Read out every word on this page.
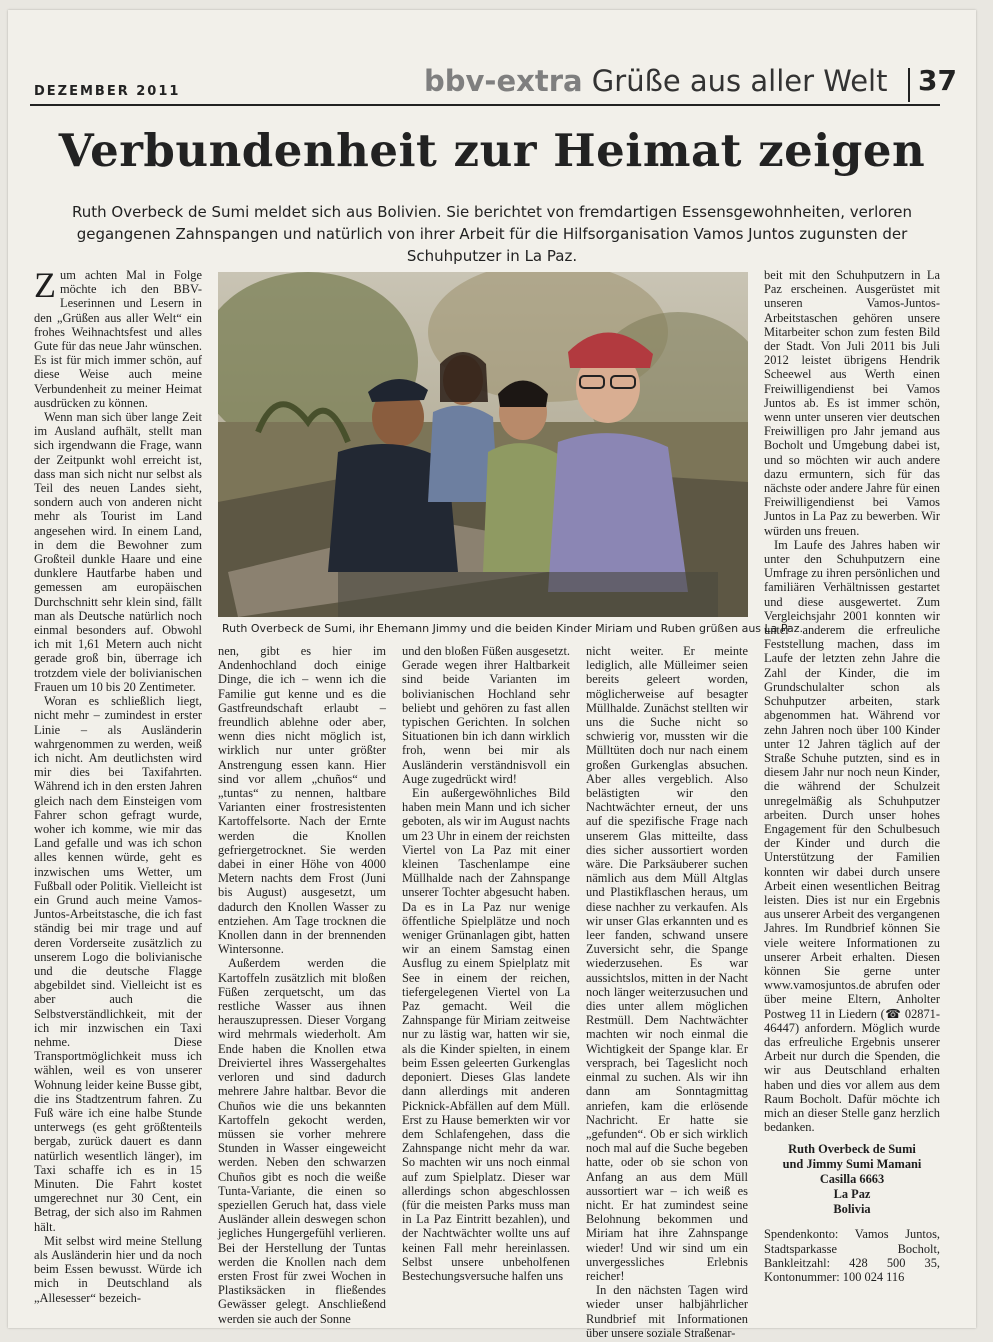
DEZEMBER 2011	bbv-extra Grüße aus aller Welt 37
Verbundenheit zur Heimat zeigen
Ruth Overbeck de Sumi meldet sich aus Bolivien. Sie berichtet von fremdartigen Essensgewohnheiten, verloren gegangenen Zahnspangen und natürlich von ihrer Arbeit für die Hilfsorganisation Vamos Juntos zugunsten der Schuhputzer in La Paz.

Zum achten Mal in Folge möchte ich den BBV-Leserinnen und Lesern in den „Grüßen aus aller Welt“ ein frohes Weihnachtsfest und alles Gute für das neue Jahr wünschen. Es ist für mich immer schön, auf diese Weise auch meine Verbundenheit zu meiner Heimat ausdrücken zu können.

Wenn man sich über lange Zeit im Ausland aufhält, stellt man sich irgendwann die Frage, wann der Zeitpunkt wohl erreicht ist, dass man sich nicht nur selbst als Teil des neuen Landes sieht, sondern auch von anderen nicht mehr als Tourist im Land angesehen wird. In einem Land, in dem die Bewohner zum Großteil dunkle Haare und eine dunklere Hautfarbe haben und gemessen am europäischen Durchschnitt sehr klein sind, fällt man als Deutsche natürlich noch einmal besonders auf. Obwohl ich mit 1,61 Metern auch nicht gerade groß bin, überrage ich trotzdem viele der bolivianischen Frauen um 10 bis 20 Zentimeter.

Woran es schließlich liegt, nicht mehr – zumindest in erster Linie – als Ausländerin wahrgenommen zu werden, weiß ich nicht. Am deutlichsten wird mir dies bei Taxifahrten. Während ich in den ersten Jahren gleich nach dem Einsteigen vom Fahrer schon gefragt wurde, woher ich komme, wie mir das Land gefalle und was ich schon alles kennen würde, geht es inzwischen ums Wetter, um Fußball oder Politik. Vielleicht ist ein Grund auch meine Vamos-Juntos-Arbeitstasche, die ich fast ständig bei mir trage und auf deren Vorderseite zusätzlich zu unserem Logo die bolivianische und die deutsche Flagge abgebildet sind. Vielleicht ist es aber auch die Selbstverständlichkeit, mit der ich mir inzwischen ein Taxi nehme. Diese Transportmöglichkeit muss ich wählen, weil es von unserer Wohnung leider keine Busse gibt, die ins Stadtzentrum fahren. Zu Fuß wäre ich eine halbe Stunde unterwegs (es geht größtenteils bergab, zurück dauert es dann natürlich wesentlich länger), im Taxi schaffe ich es in 15 Minuten. Die Fahrt kostet umgerechnet nur 30 Cent, ein Betrag, der sich also im Rahmen hält.

Mit selbst wird meine Stellung als Ausländerin hier und da noch beim Essen bewusst. Würde ich mich in Deutschland als „Allesesser“ bezeich-

Ruth Overbeck de Sumi, ihr Ehemann Jimmy und die beiden Kinder Miriam und Ruben grüßen aus La Paz.

nen, gibt es hier im Andenhochland doch einige Dinge, die ich – wenn ich die Familie gut kenne und es die Gastfreundschaft erlaubt – freundlich ablehne oder aber, wenn dies nicht möglich ist, wirklich nur unter größter Anstrengung essen kann. Hier sind vor allem „chuños“ und „tuntas“ zu nennen, haltbare Varianten einer frostresistenten Kartoffelsorte. Nach der Ernte werden die Knollen gefriergetrocknet. Sie werden dabei in einer Höhe von 4000 Metern nachts dem Frost (Juni bis August) ausgesetzt, um dadurch den Knollen Wasser zu entziehen. Am Tage trocknen die Knollen dann in der brennenden Wintersonne.

Außerdem werden die Kartoffeln zusätzlich mit bloßen Füßen zerquetscht, um das restliche Wasser aus ihnen herauszupressen. Dieser Vorgang wird mehrmals wiederholt. Am Ende haben die Knollen etwa Dreiviertel ihres Wassergehaltes verloren und sind dadurch mehrere Jahre haltbar. Bevor die Chuños wie die uns bekannten Kartoffeln gekocht werden, müssen sie vorher mehrere Stunden in Wasser eingeweicht werden. Neben den schwarzen Chuños gibt es noch die weiße Tunta-Variante, die einen so speziellen Geruch hat, dass viele Ausländer allein deswegen schon jegliches Hungergefühl verlieren. Bei der Herstellung der Tuntas werden die Knollen nach dem ersten Frost für zwei Wochen in Plastiksäcken in fließendes Gewässer gelegt. Anschließend werden sie auch der Sonne

und den bloßen Füßen ausgesetzt. Gerade wegen ihrer Haltbarkeit sind beide Varianten im bolivianischen Hochland sehr beliebt und gehören zu fast allen typischen Gerichten. In solchen Situationen bin ich dann wirklich froh, wenn bei mir als Ausländerin verständnisvoll ein Auge zugedrückt wird!

Ein außergewöhnliches Bild haben mein Mann und ich sicher geboten, als wir im August nachts um 23 Uhr in einem der reichsten Viertel von La Paz mit einer kleinen Taschenlampe eine Müllhalde nach der Zahnspange unserer Tochter abgesucht haben. Da es in La Paz nur wenige öffentliche Spielplätze und noch weniger Grünanlagen gibt, hatten wir an einem Samstag einen Ausflug zu einem Spielplatz mit See in einem der reichen, tiefergelegenen Viertel von La Paz gemacht. Weil die Zahnspange für Miriam zeitweise nur zu lästig war, hatten wir sie, als die Kinder spielten, in einem beim Essen geleerten Gurkenglas deponiert. Dieses Glas landete dann allerdings mit anderen Picknick-Abfällen auf dem Müll. Erst zu Hause bemerkten wir vor dem Schlafengehen, dass die Zahnspange nicht mehr da war. So machten wir uns noch einmal auf zum Spielplatz. Dieser war allerdings schon abgeschlossen (für die meisten Parks muss man in La Paz Eintritt bezahlen), und der Nachtwächter wollte uns auf keinen Fall mehr hereinlassen. Selbst unsere unbeholfenen Bestechungsversuche halfen uns

nicht weiter. Er meinte lediglich, alle Mülleimer seien bereits geleert worden, möglicherweise auf besagter Müllhalde. Zunächst stellten wir uns die Suche nicht so schwierig vor, mussten wir die Mülltüten doch nur nach einem großen Gurkenglas absuchen. Aber alles vergeblich. Also belästigten wir den Nachtwächter erneut, der uns auf die spezifische Frage nach unserem Glas mitteilte, dass dies sicher aussortiert worden wäre. Die Parksäuberer suchen nämlich aus dem Müll Altglas und Plastikflaschen heraus, um diese nachher zu verkaufen. Als wir unser Glas erkannten und es leer fanden, schwand unsere Zuversicht sehr, die Spange wiederzusehen. Es war aussichtslos, mitten in der Nacht noch länger weiterzusuchen und dies unter allem möglichen Restmüll. Dem Nachtwächter machten wir noch einmal die Wichtigkeit der Spange klar. Er versprach, bei Tageslicht noch einmal zu suchen. Als wir ihn dann am Sonntagmittag anriefen, kam die erlösende Nachricht. Er hatte sie „gefunden“. Ob er sich wirklich noch mal auf die Suche begeben hatte, oder ob sie schon von Anfang an aus dem Müll aussortiert war – ich weiß es nicht. Er hat zumindest seine Belohnung bekommen und Miriam hat ihre Zahnspange wieder! Und wir sind um ein unvergessliches Erlebnis reicher!

In den nächsten Tagen wird wieder unser halbjährlicher Rundbrief mit Informationen über unsere soziale Straßenar-

beit mit den Schuhputzern in La Paz erscheinen. Ausgerüstet mit unseren Vamos-Juntos-Arbeitstaschen gehören unsere Mitarbeiter schon zum festen Bild der Stadt. Von Juli 2011 bis Juli 2012 leistet übrigens Hendrik Scheewel aus Werth einen Freiwilligendienst bei Vamos Juntos ab. Es ist immer schön, wenn unter unseren vier deutschen Freiwilligen pro Jahr jemand aus Bocholt und Umgebung dabei ist, und so möchten wir auch andere dazu ermuntern, sich für das nächste oder andere Jahre für einen Freiwilligendienst bei Vamos Juntos in La Paz zu bewerben. Wir würden uns freuen.

Im Laufe des Jahres haben wir unter den Schuhputzern eine Umfrage zu ihren persönlichen und familiären Verhältnissen gestartet und diese ausgewertet. Zum Vergleichsjahr 2001 konnten wir unter anderem die erfreuliche Feststellung machen, dass im Laufe der letzten zehn Jahre die Zahl der Kinder, die im Grundschulalter schon als Schuhputzer arbeiten, stark abgenommen hat. Während vor zehn Jahren noch über 100 Kinder unter 12 Jahren täglich auf der Straße Schuhe putzten, sind es in diesem Jahr nur noch neun Kinder, die während der Schulzeit unregelmäßig als Schuhputzer arbeiten. Durch unser hohes Engagement für den Schulbesuch der Kinder und durch die Unterstützung der Familien konnten wir dabei durch unsere Arbeit einen wesentlichen Beitrag leisten. Dies ist nur ein Ergebnis aus unserer Arbeit des vergangenen Jahres. Im Rundbrief können Sie viele weitere Informationen zu unserer Arbeit erhalten. Diesen können Sie gerne unter www.vamosjuntos.de abrufen oder über meine Eltern, Anholter Postweg 11 in Liedern (☎ 02871-46447) anfordern. Möglich wurde das erfreuliche Ergebnis unserer Arbeit nur durch die Spenden, die wir aus Deutschland erhalten haben und dies vor allem aus dem Raum Bocholt. Dafür möchte ich mich an dieser Stelle ganz herzlich bedanken.

Ruth Overbeck de Sumi
und Jimmy Sumi Mamani
Casilla 6663
La Paz
Bolivia

Spendenkonto: Vamos Juntos, Stadtsparkasse Bocholt, Bankleitzahl: 428 500 35, Kontonummer: 100 024 116
